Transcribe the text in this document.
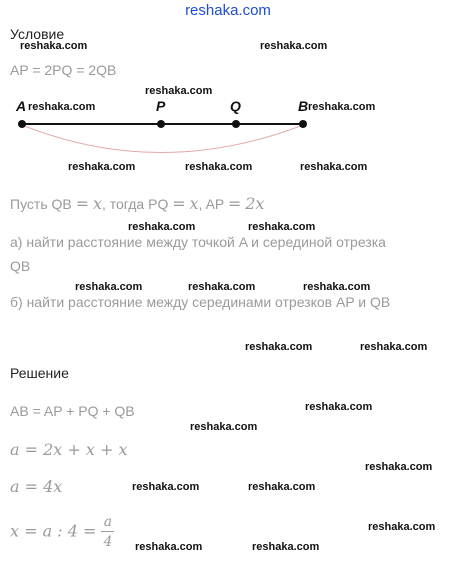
reshaka.com
Условие
AP = 2PQ = 2QB
A	P	Q	B
Пусть QB = x, тогда PQ = x, AP = 2x
а) найти расстояние между точкой A и серединой отрезка
QB
б) найти расстояние между серединами отрезков AP и QB
Решение
AB = AP + PQ + QB
a = 2x + x + x
a = 4x
x = a : $4 = \frac{a}{4}$
reshaka.com	reshaka.com
reshaka.com
reshaka.com	reshaka.com
reshaka.com	reshaka.com	reshaka.com
reshaka.com	reshaka.com
reshaka.com	reshaka.com	reshaka.com
reshaka.com	reshaka.com
reshaka.com
reshaka.com
reshaka.com
reshaka.com	reshaka.com
reshaka.com
reshaka.com	reshaka.com
